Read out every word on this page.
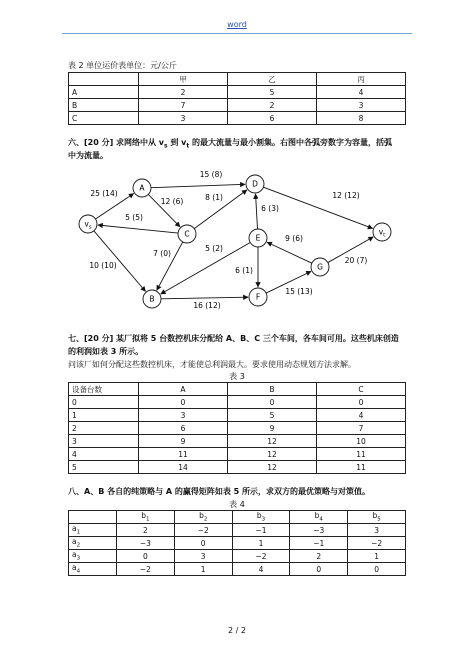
word
表 2 单位运价表单位：元/公斤
	甲	乙	丙
A	2	5	4
B	7	2	3
C	3	6	8
六、[20 分] 求网络中从 $v_s$ 到 $v_t$ 的最大流量与最小割集。右图中各弧旁数字为容量，括弧
中为流量。
25 (14)
15 (8)
12 (6)
5 (5)
8 (1)
7 (0)
10 (10)
6 (3)
12 (12)
5 (2)
9 (6)
6 (1)
20 (7)
16 (12)
15 (13)
$v_s$
A
C
D
E
B	F
G
$v_t$
七、[20 分] 某厂拟将 5 台数控机床分配给 A、B、C 三个车间，各车间可用。这些机床创造
的利润如表 3 所示。
问该厂如何分配这些数控机床，才能使总利润最大。要求使用动态规划方法求解。
表 3
设备台数	A	B	C
0	0	0	0
1	3	5	4
2	6	9	7
3	9	12	10
4	11	12	11
5	14	12	11
八、A、B 各自的纯策略与 A 的赢得矩阵如表 5 所示，求双方的最优策略与对策值。
表 4
	$b_1$	$b_2$	$b_3$	$b_4$	$b_5$
$a_1$	2	−2	−1	−3	3
$a_2$	−3	0	1	−1	−2
$a_3$	0	3	−2	2	1
$a_4$	−2	1	4	0	0
2 / 2
